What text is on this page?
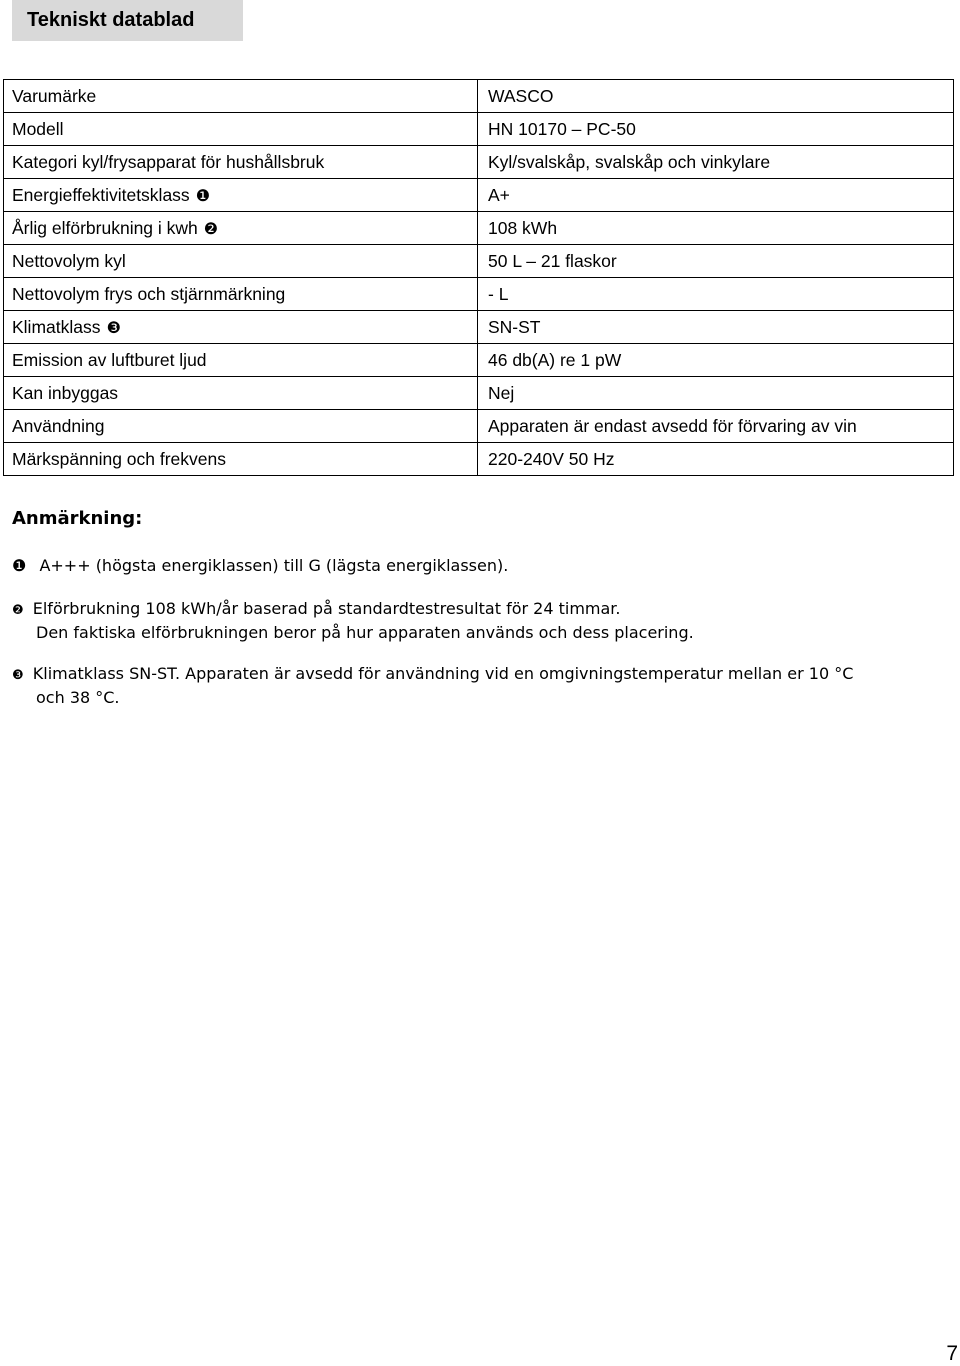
Tekniskt datablad
Varumärke	WASCO
Modell	HN 10170 – PC-50
Kategori kyl/frysapparat för hushållsbruk	Kyl/svalskåp, svalskåp och vinkylare
Energieffektivitetsklass ❶	A+
Årlig elförbrukning i kwh ❷	108 kWh
Nettovolym kyl	50 L – 21 flaskor
Nettovolym frys och stjärnmärkning	- L
Klimatklass ❸	SN-ST
Emission av luftburet ljud	46 db(A) re 1 pW
Kan inbyggas	Nej
Användning	Apparaten är endast avsedd för förvaring av vin
Märkspänning och frekvens	220-240V 50 Hz
Anmärkning:
❶ A+++ (högsta energiklassen) till G (lägsta energiklassen).
❷ Elförbrukning 108 kWh/år baserad på standardtestresultat för 24 timmar.
Den faktiska elförbrukningen beror på hur apparaten används och dess placering.
❸ Klimatklass SN-ST. Apparaten är avsedd för användning vid en omgivningstemperatur mellan er 10 °C
och 38 °C.
7
